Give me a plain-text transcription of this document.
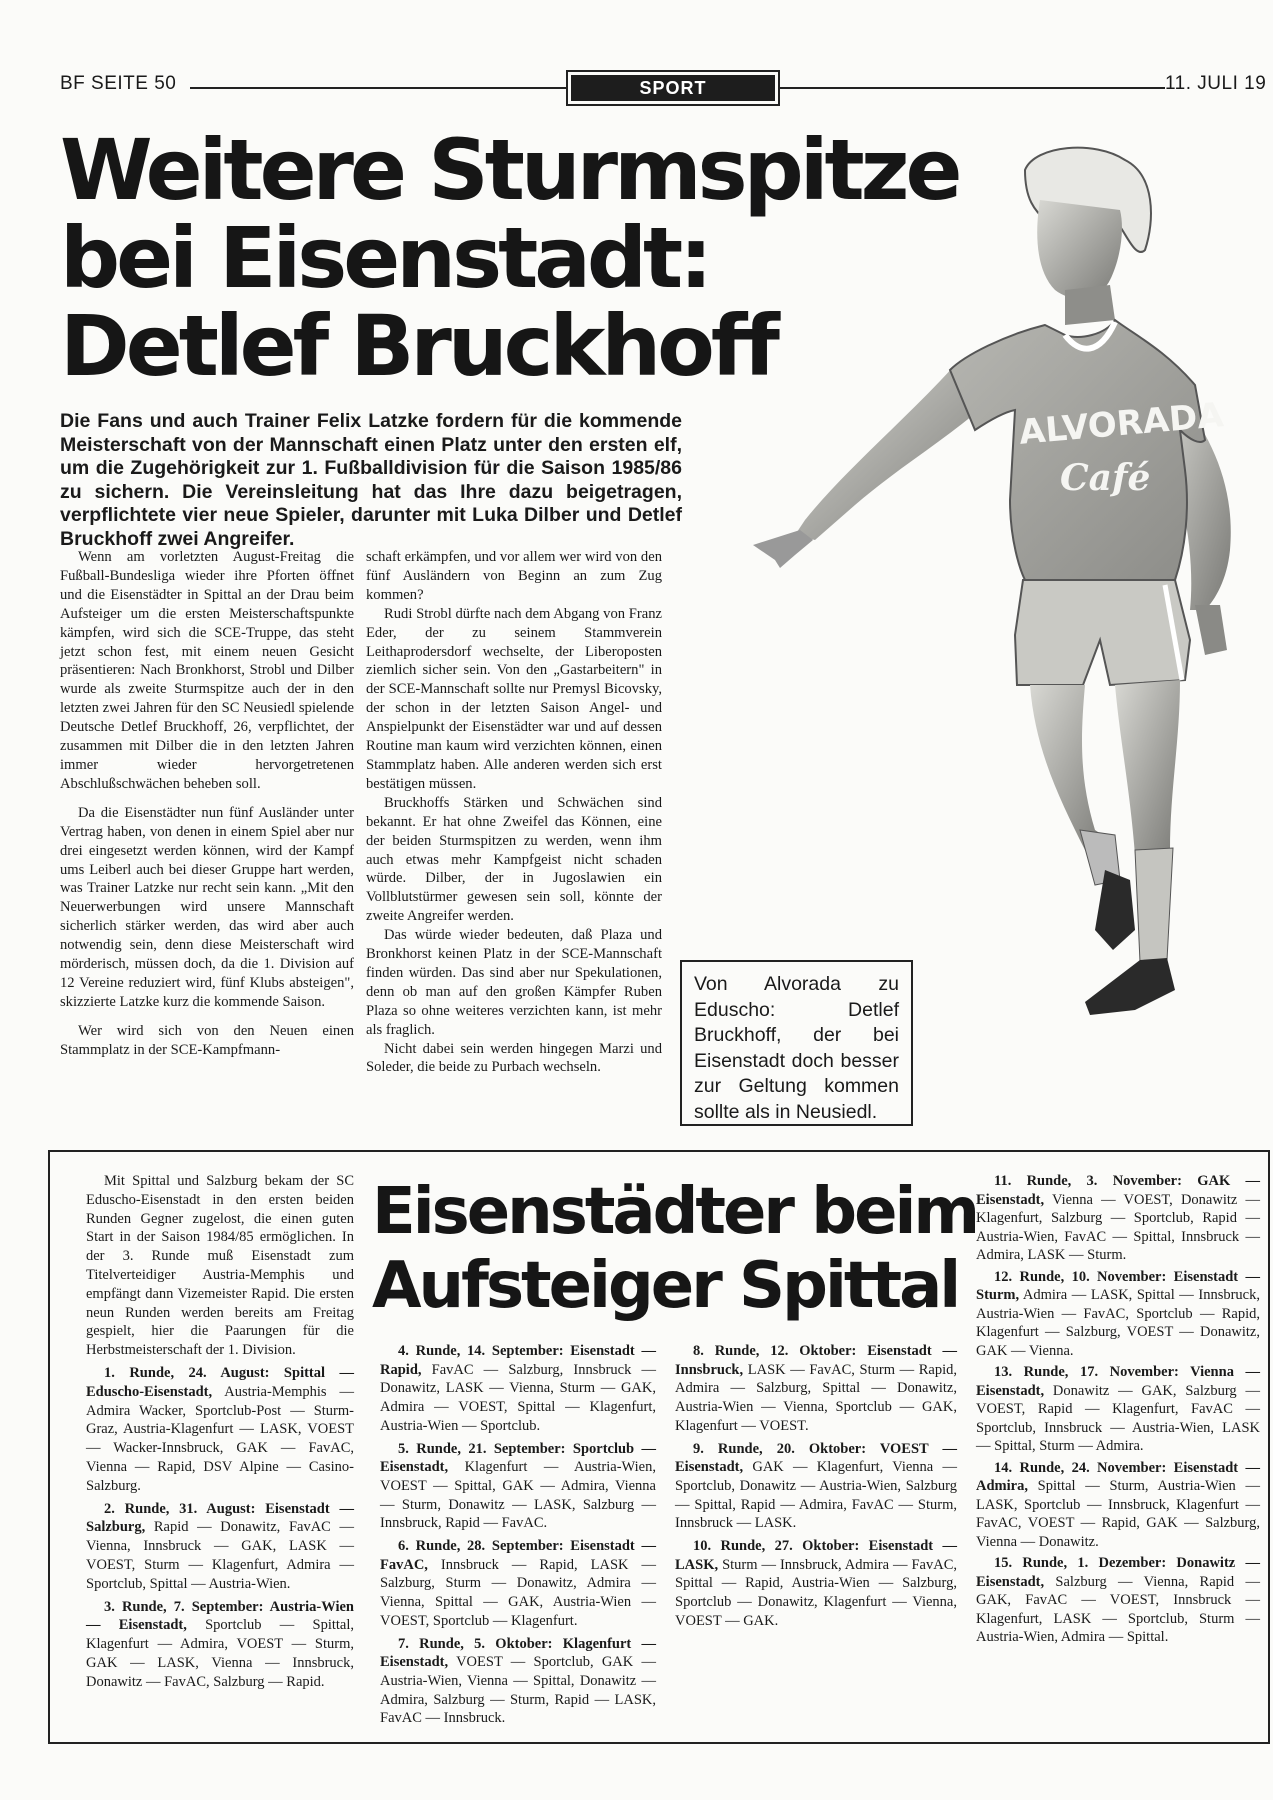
BF SEITE 50	SPORT	11. JULI 19
Weitere Sturmspitze
bei Eisenstadt:
Detlef Bruckhoff
Die Fans und auch Trainer Felix Latzke fordern für die kommende Meisterschaft von der Mannschaft einen Platz unter den ersten elf, um die Zugehörigkeit zur 1. Fußballdivision für die Saison 1985/86 zu sichern. Die Vereinsleitung hat das Ihre dazu beigetragen, verpflichtete vier neue Spieler, darunter mit Luka Dilber und Detlef Bruckhoff zwei Angreifer.

Wenn am vorletzten August-Freitag die Fußball-Bundesliga wieder ihre Pforten öffnet und die Eisenstädter in Spittal an der Drau beim Aufsteiger um die ersten Meisterschaftspunkte kämpfen, wird sich die SCE-Truppe, das steht jetzt schon fest, mit einem neuen Gesicht präsentieren: Nach Bronkhorst, Strobl und Dilber wurde als zweite Sturmspitze auch der in den letzten zwei Jahren für den SC Neusiedl spielende Deutsche Detlef Bruckhoff, 26, verpflichtet, der zusammen mit Dilber die in den letzten Jahren immer wieder hervorgetretenen Abschlußschwächen beheben soll.

Da die Eisenstädter nun fünf Ausländer unter Vertrag haben, von denen in einem Spiel aber nur drei eingesetzt werden können, wird der Kampf ums Leiberl auch bei dieser Gruppe hart werden, was Trainer Latzke nur recht sein kann. „Mit den Neuerwerbungen wird unsere Mannschaft sicherlich stärker werden, das wird aber auch notwendig sein, denn diese Meisterschaft wird mörderisch, müssen doch, da die 1. Division auf 12 Vereine reduziert wird, fünf Klubs absteigen", skizzierte Latzke kurz die kommende Saison.

Wer wird sich von den Neuen einen Stammplatz in der SCE-Kampfmann-

schaft erkämpfen, und vor allem wer wird von den fünf Ausländern von Beginn an zum Zug kommen?

Rudi Strobl dürfte nach dem Abgang von Franz Eder, der zu seinem Stammverein Leithaprodersdorf wechselte, der Liberoposten ziemlich sicher sein. Von den „Gastarbeitern" in der SCE-Mannschaft sollte nur Premysl Bicovsky, der schon in der letzten Saison Angel- und Anspielpunkt der Eisenstädter war und auf dessen Routine man kaum wird verzichten können, einen Stammplatz haben. Alle anderen werden sich erst bestätigen müssen.

Bruckhoffs Stärken und Schwächen sind bekannt. Er hat ohne Zweifel das Können, eine der beiden Sturmspitzen zu werden, wenn ihm auch etwas mehr Kampfgeist nicht schaden würde. Dilber, der in Jugoslawien ein Vollblutstürmer gewesen sein soll, könnte der zweite Angreifer werden.

Das würde wieder bedeuten, daß Plaza und Bronkhorst keinen Platz in der SCE-Mannschaft finden würden. Das sind aber nur Spekulationen, denn ob man auf den großen Kämpfer Ruben Plaza so ohne weiteres verzichten kann, ist mehr als fraglich.

Nicht dabei sein werden hingegen Marzi und Soleder, die beide zu Purbach wechseln.

ALVORADA
Café
Von Alvorada zu Eduscho: Detlef Bruckhoff, der bei Eisenstadt doch besser zur Geltung kommen sollte als in Neusiedl.

Mit Spittal und Salzburg bekam der SC Eduscho-Eisenstadt in den ersten beiden Runden Gegner zugelost, die einen guten Start in der Saison 1984/85 ermöglichen. In der 3. Runde muß Eisenstadt zum Titelverteidiger Austria-Memphis und empfängt dann Vizemeister Rapid. Die ersten neun Runden werden bereits am Freitag gespielt, hier die Paarungen für die Herbstmeisterschaft der 1. Division.

1. Runde, 24. August: Spittal — Eduscho-Eisenstadt, Austria-Memphis — Admira Wacker, Sportclub-Post — Sturm-Graz, Austria-Klagenfurt — LASK, VOEST — Wacker-Innsbruck, GAK — FavAC, Vienna — Rapid, DSV Alpine — Casino-Salzburg.

2. Runde, 31. August: Eisenstadt — Salzburg, Rapid — Donawitz, FavAC — Vienna, Innsbruck — GAK, LASK — VOEST, Sturm — Klagenfurt, Admira — Sportclub, Spittal — Austria-Wien.

3. Runde, 7. September: Austria-Wien — Eisenstadt, Sportclub — Spittal, Klagenfurt — Admira, VOEST — Sturm, GAK — LASK, Vienna — Innsbruck, Donawitz — FavAC, Salzburg — Rapid.

Eisenstädter beim
Aufsteiger Spittal

4. Runde, 14. September: Eisenstadt — Rapid, FavAC — Salzburg, Innsbruck — Donawitz, LASK — Vienna, Sturm — GAK, Admira — VOEST, Spittal — Klagenfurt, Austria-Wien — Sportclub.

5. Runde, 21. September: Sportclub — Eisenstadt, Klagenfurt — Austria-Wien, VOEST — Spittal, GAK — Admira, Vienna — Sturm, Donawitz — LASK, Salzburg — Innsbruck, Rapid — FavAC.

6. Runde, 28. September: Eisenstadt — FavAC, Innsbruck — Rapid, LASK — Salzburg, Sturm — Donawitz, Admira — Vienna, Spittal — GAK, Austria-Wien — VOEST, Sportclub — Klagenfurt.

7. Runde, 5. Oktober: Klagenfurt — Eisenstadt, VOEST — Sportclub, GAK — Austria-Wien, Vienna — Spittal, Donawitz — Admira, Salzburg — Sturm, Rapid — LASK, FavAC — Innsbruck.

8. Runde, 12. Oktober: Eisenstadt — Innsbruck, LASK — FavAC, Sturm — Rapid, Admira — Salzburg, Spittal — Donawitz, Austria-Wien — Vienna, Sportclub — GAK, Klagenfurt — VOEST.

9. Runde, 20. Oktober: VOEST — Eisenstadt, GAK — Klagenfurt, Vienna — Sportclub, Donawitz — Austria-Wien, Salzburg — Spittal, Rapid — Admira, FavAC — Sturm, Innsbruck — LASK.

10. Runde, 27. Oktober: Eisenstadt — LASK, Sturm — Innsbruck, Admira — FavAC, Spittal — Rapid, Austria-Wien — Salzburg, Sportclub — Donawitz, Klagenfurt — Vienna, VOEST — GAK.

11. Runde, 3. November: GAK — Eisenstadt, Vienna — VOEST, Donawitz — Klagenfurt, Salzburg — Sportclub, Rapid — Austria-Wien, FavAC — Spittal, Innsbruck — Admira, LASK — Sturm.

12. Runde, 10. November: Eisenstadt — Sturm, Admira — LASK, Spittal — Innsbruck, Austria-Wien — FavAC, Sportclub — Rapid, Klagenfurt — Salzburg, VOEST — Donawitz, GAK — Vienna.

13. Runde, 17. November: Vienna — Eisenstadt, Donawitz — GAK, Salzburg — VOEST, Rapid — Klagenfurt, FavAC — Sportclub, Innsbruck — Austria-Wien, LASK — Spittal, Sturm — Admira.

14. Runde, 24. November: Eisenstadt — Admira, Spittal — Sturm, Austria-Wien — LASK, Sportclub — Innsbruck, Klagenfurt — FavAC, VOEST — Rapid, GAK — Salzburg, Vienna — Donawitz.

15. Runde, 1. Dezember: Donawitz — Eisenstadt, Salzburg — Vienna, Rapid — GAK, FavAC — VOEST, Innsbruck — Klagenfurt, LASK — Sportclub, Sturm — Austria-Wien, Admira — Spittal.
